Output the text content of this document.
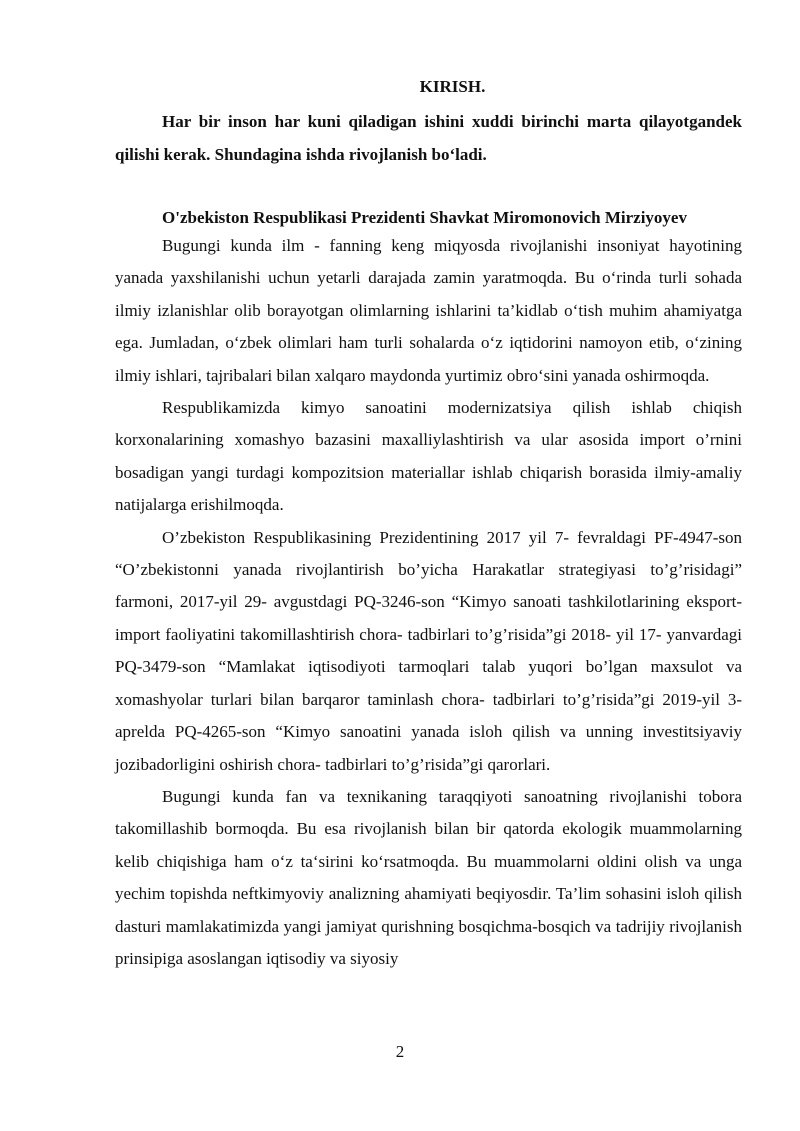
KIRISH.

Har bir inson har kuni qiladigan ishini xuddi birinchi marta qilayotgandek qilishi kerak. Shundagina ishda rivojlanish bo‘ladi.

O'zbekiston Respublikasi Prezidenti Shavkat Miromonovich Mirziyoyev

Bugungi kunda ilm - fanning keng miqyosda rivojlanishi insoniyat hayotining yanada yaxshilanishi uchun yetarli darajada zamin yaratmoqda. Bu o‘rinda turli sohada ilmiy izlanishlar olib borayotgan olimlarning ishlarini ta’kidlab o‘tish muhim ahamiyatga ega. Jumladan, o‘zbek olimlari ham turli sohalarda o‘z iqtidorini namoyon etib, o‘zining ilmiy ishlari, tajribalari bilan xalqaro maydonda yurtimiz obro‘sini yanada oshirmoqda.

Respublikamizda kimyo sanoatini modernizatsiya qilish ishlab chiqish korxonalarining xomashyo bazasini maxalliylashtirish va ular asosida import o’rnini bosadigan yangi turdagi kompozitsion materiallar ishlab chiqarish borasida ilmiy-amaliy natijalarga erishilmoqda.

O’zbekiston Respublikasining Prezidentining 2017 yil 7- fevraldagi PF-4947-son “O’zbekistonni yanada rivojlantirish bo’yicha Harakatlar strategiyasi to’g’risidagi” farmoni, 2017-yil 29- avgustdagi PQ-3246-son “Kimyo sanoati tashkilotlarining eksport-import faoliyatini takomillashtirish chora- tadbirlari to’g’risida”gi 2018- yil 17- yanvardagi PQ-3479-son “Mamlakat iqtisodiyoti tarmoqlari talab yuqori bo’lgan maxsulot va xomashyolar turlari bilan barqaror taminlash chora- tadbirlari to’g’risida”gi 2019-yil 3-aprelda PQ-4265-son “Kimyo sanoatini yanada isloh qilish va unning investitsiyaviy jozibadorligini oshirish chora- tadbirlari to’g’risida”gi qarorlari.

Bugungi kunda fan va texnikaning taraqqiyoti sanoatning rivojlanishi tobora takomillashib bormoqda. Bu esa rivojlanish bilan bir qatorda ekologik muammolarning kelib chiqishiga ham o‘z ta‘sirini ko‘rsatmoqda. Bu muammolarni oldini olish va unga yechim topishda neftkimyoviy analizning ahamiyati beqiyosdir. Ta’lim sohasini isloh qilish dasturi mamlakatimizda yangi jamiyat qurishning bosqichma-bosqich va tadrijiy rivojlanish prinsipiga asoslangan iqtisodiy va siyosiy

2
